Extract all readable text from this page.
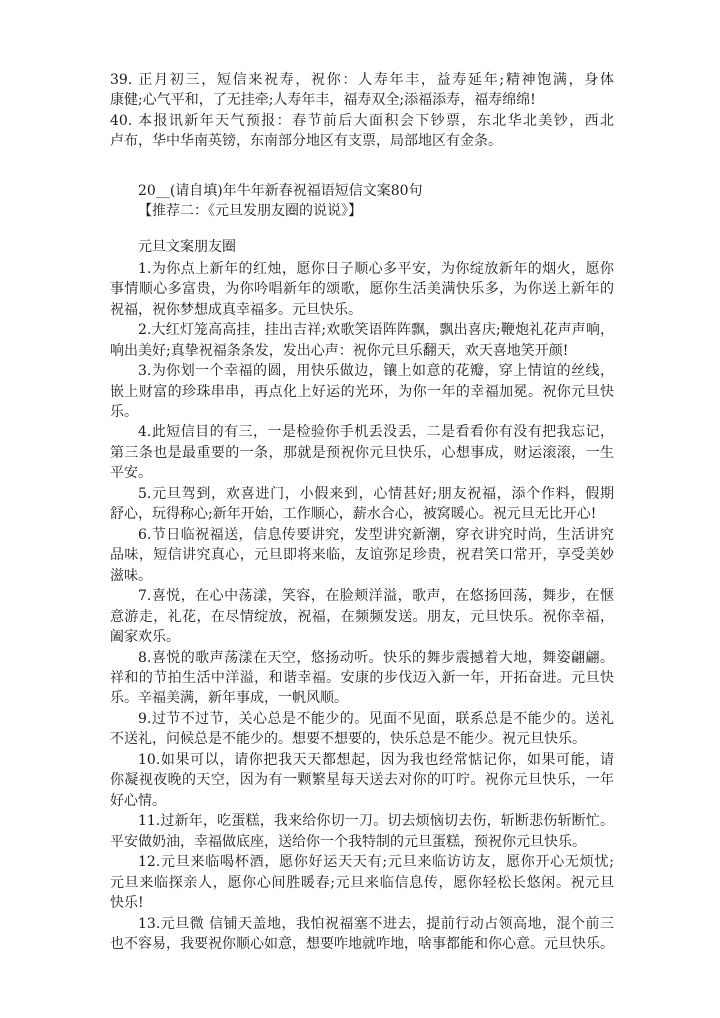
39. 正月初三，短信来祝寿，祝你：人寿年丰，益寿延年;精神饱满，身体
康健;心气平和，了无挂牵;人寿年丰，福寿双全;添福添寿，福寿绵绵!
40. 本报讯新年天气预报：春节前后大面积会下钞票，东北华北美钞，西北
卢布，华中华南英镑，东南部分地区有支票，局部地区有金条。
20__(请自填)年牛年新春祝福语短信文案80句
【推荐二：《元旦发朋友圈的说说》】
元旦文案朋友圈
1.为你点上新年的红烛，愿你日子顺心多平安，为你绽放新年的烟火，愿你
事情顺心多富贵，为你吟唱新年的颂歌，愿你生活美满快乐多，为你送上新年的
祝福，祝你梦想成真幸福多。元旦快乐。
2.大红灯笼高高挂，挂出吉祥;欢歌笑语阵阵飘，飘出喜庆;鞭炮礼花声声响，
响出美好;真挚祝福条条发，发出心声：祝你元旦乐翻天，欢天喜地笑开颜!
3.为你划一个幸福的圆，用快乐做边，镶上如意的花瓣，穿上情谊的丝线，
嵌上财富的珍珠串串，再点化上好运的光环，为你一年的幸福加冕。祝你元旦快
乐。
4.此短信目的有三，一是检验你手机丢没丢，二是看看你有没有把我忘记，
第三条也是最重要的一条，那就是预祝你元旦快乐，心想事成，财运滚滚，一生
平安。
5.元旦驾到，欢喜进门，小假来到，心情甚好;朋友祝福，添个作料，假期
舒心，玩得称心;新年开始，工作顺心，薪水合心，被窝暖心。祝元旦无比开心!
6.节日临祝福送，信息传要讲究，发型讲究新潮，穿衣讲究时尚，生活讲究
品味，短信讲究真心，元旦即将来临，友谊弥足珍贵，祝君笑口常开，享受美妙
滋味。
7.喜悦，在心中荡漾，笑容，在脸颊洋溢，歌声，在悠扬回荡，舞步，在惬
意游走，礼花，在尽情绽放，祝福，在频频发送。朋友，元旦快乐。祝你幸福，
阖家欢乐。
8.喜悦的歌声荡漾在天空，悠扬动听。快乐的舞步震撼着大地，舞姿翩翩。
祥和的节拍生活中洋溢，和谐幸福。安康的步伐迈入新一年，开拓奋进。元旦快
乐。辛福美满，新年事成，一帆风顺。
9.过节不过节，关心总是不能少的。见面不见面，联系总是不能少的。送礼
不送礼，问候总是不能少的。想要不想要的，快乐总是不能少。祝元旦快乐。
10.如果可以，请你把我天天都想起，因为我也经常惦记你，如果可能，请
你凝视夜晚的天空，因为有一颗繁星每天送去对你的叮咛。祝你元旦快乐，一年
好心情。
11.过新年，吃蛋糕，我来给你切一刀。切去烦恼切去伤，斩断悲伤斩断忙。
平安做奶油，幸福做底座，送给你一个我特制的元旦蛋糕，预祝你元旦快乐。
12.元旦来临喝杯酒，愿你好运天天有;元旦来临访访友，愿你开心无烦忧;
元旦来临探亲人，愿你心间胜暖春;元旦来临信息传，愿你轻松长悠闲。祝元旦
快乐!
13.元旦微 信铺天盖地，我怕祝福塞不进去，提前行动占领高地，混个前三
也不容易，我要祝你顺心如意，想要咋地就咋地，啥事都能和你心意。元旦快乐。
